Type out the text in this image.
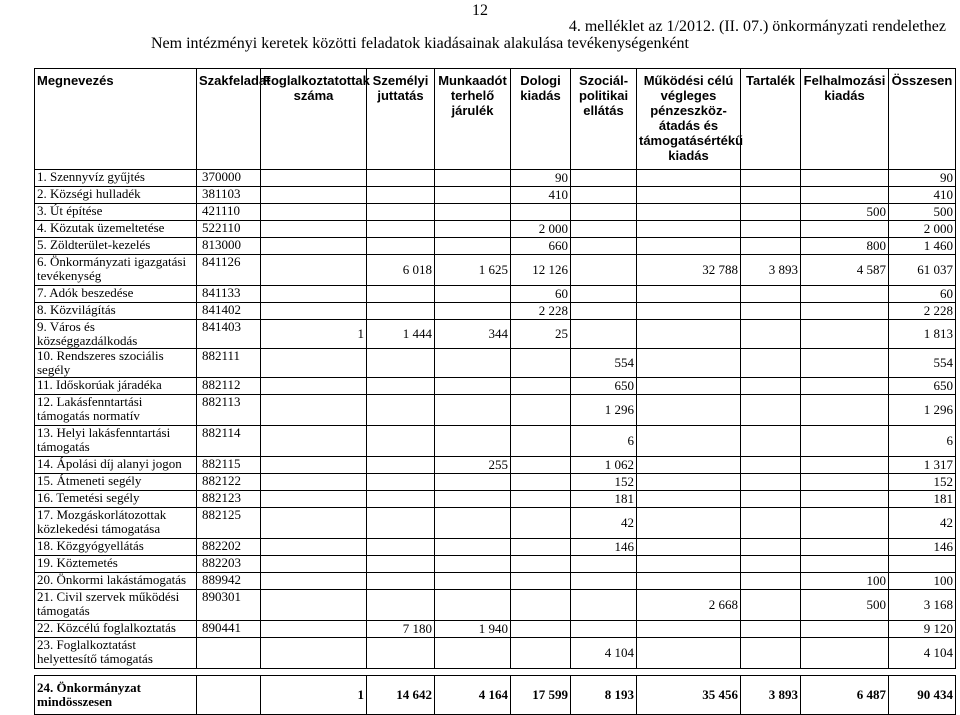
12
4. melléklet az 1/2012. (II. 07.) önkormányzati rendelethez
Nem intézményi keretek közötti feladatok kiadásainak alakulása tevékenységenként
Megnevezés	Szakfeladat	Foglalkoztatottak száma	Személyi juttatás	Munkaadót terhelő járulék	Dologi kiadás	Szociál-politikai ellátás	Működési célú végleges pénzeszköz-átadás és támogatásértékű kiadás	Tartalék	Felhalmozási kiadás	Összesen
1. Szennyvíz gyűjtés	370000				90					90
2. Községi hulladék	381103				410					410
3. Út építése	421110								500	500
4. Közutak üzemeltetése	522110				2 000					2 000
5. Zöldterület-kezelés	813000				660				800	1 460
6. Önkormányzati igazgatási tevékenység	841126		6 018	1 625	12 126		32 788	3 893	4 587	61 037
7. Adók beszedése	841133				60					60
8. Közvilágítás	841402				2 228					2 228
9. Város és községgazdálkodás	841403	1	1 444	344	25					1 813
10. Rendszeres szociális segély	882111					554				554
11. Időskorúak járadéka	882112					650				650
12. Lakásfenntartási támogatás normatív	882113					1 296				1 296
13. Helyi lakásfenntartási támogatás	882114					6				6
14. Ápolási díj alanyi jogon	882115			255		1 062				1 317
15. Átmeneti segély	882122					152				152
16. Temetési segély	882123					181				181
17. Mozgáskorlátozottak közlekedési támogatása	882125					42				42
18. Közgyógyellátás	882202					146				146
19. Köztemetés	882203									
20. Önkormi lakástámogatás	889942								100	100
21. Civil szervek működési támogatás	890301						2 668		500	3 168
22. Közcélú foglalkoztatás	890441		7 180	1 940						9 120
23. Foglalkoztatást helyettesítő támogatás						4 104				4 104

24. Önkormányzat mindösszesen		1	14 642	4 164	17 599	8 193	35 456	3 893	6 487	90 434
